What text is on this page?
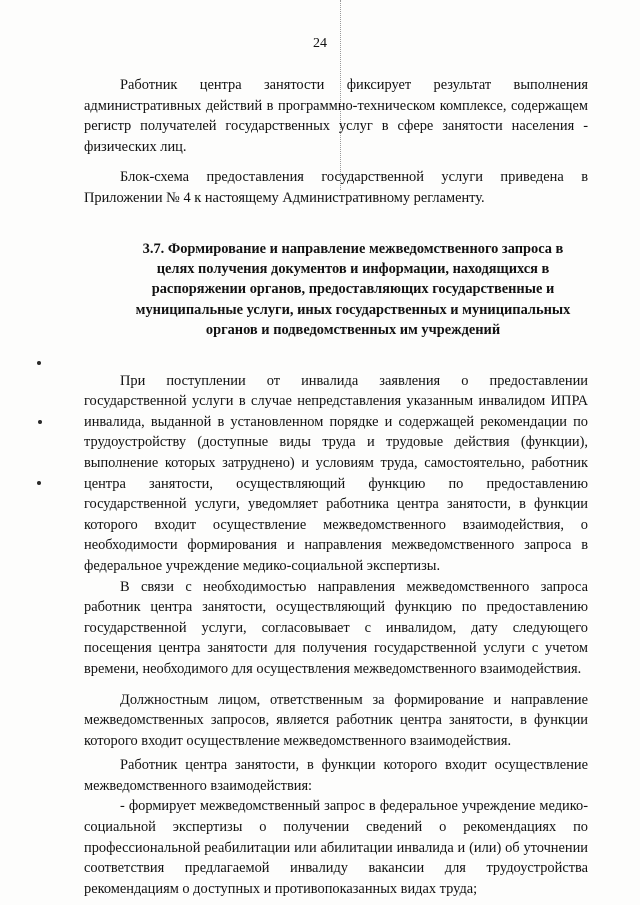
24

Работник центра занятости фиксирует результат выполнения административных действий в программно-техническом комплексе, содержащем регистр получателей государственных услуг в сфере занятости населения - физических лиц.

Блок-схема предоставления государственной услуги приведена в Приложении № 4 к настоящему Административному регламенту.

3.7. Формирование и направление межведомственного запроса в целях получения документов и информации, находящихся в распоряжении органов, предоставляющих государственные и муниципальные услуги, иных государственных и муниципальных органов и подведомственных им учреждений

При поступлении от инвалида заявления о предоставлении государственной услуги в случае непредставления указанным инвалидом ИПРА инвалида, выданной в установленном порядке и содержащей рекомендации по трудоустройству (доступные виды труда и трудовые действия (функции), выполнение которых затруднено) и условиям труда, самостоятельно, работник центра занятости, осуществляющий функцию по предоставлению государственной услуги, уведомляет работника центра занятости, в функции которого входит осуществление межведомственного взаимодействия, о необходимости формирования и направления межведомственного запроса в федеральное учреждение медико-социальной экспертизы.

В связи с необходимостью направления межведомственного запроса работник центра занятости, осуществляющий функцию по предоставлению государственной услуги, согласовывает с инвалидом, дату следующего посещения центра занятости для получения государственной услуги с учетом времени, необходимого для осуществления межведомственного взаимодействия.

Должностным лицом, ответственным за формирование и направление межведомственных запросов, является работник центра занятости, в функции которого входит осуществление межведомственного взаимодействия.

Работник центра занятости, в функции которого входит осуществление межведомственного взаимодействия:

- формирует межведомственный запрос в федеральное учреждение медико-социальной экспертизы о получении сведений о рекомендациях по профессиональной реабилитации или абилитации инвалида и (или) об уточнении соответствия предлагаемой инвалиду вакансии для трудоустройства рекомендациям о доступных и противопоказанных видах труда;
